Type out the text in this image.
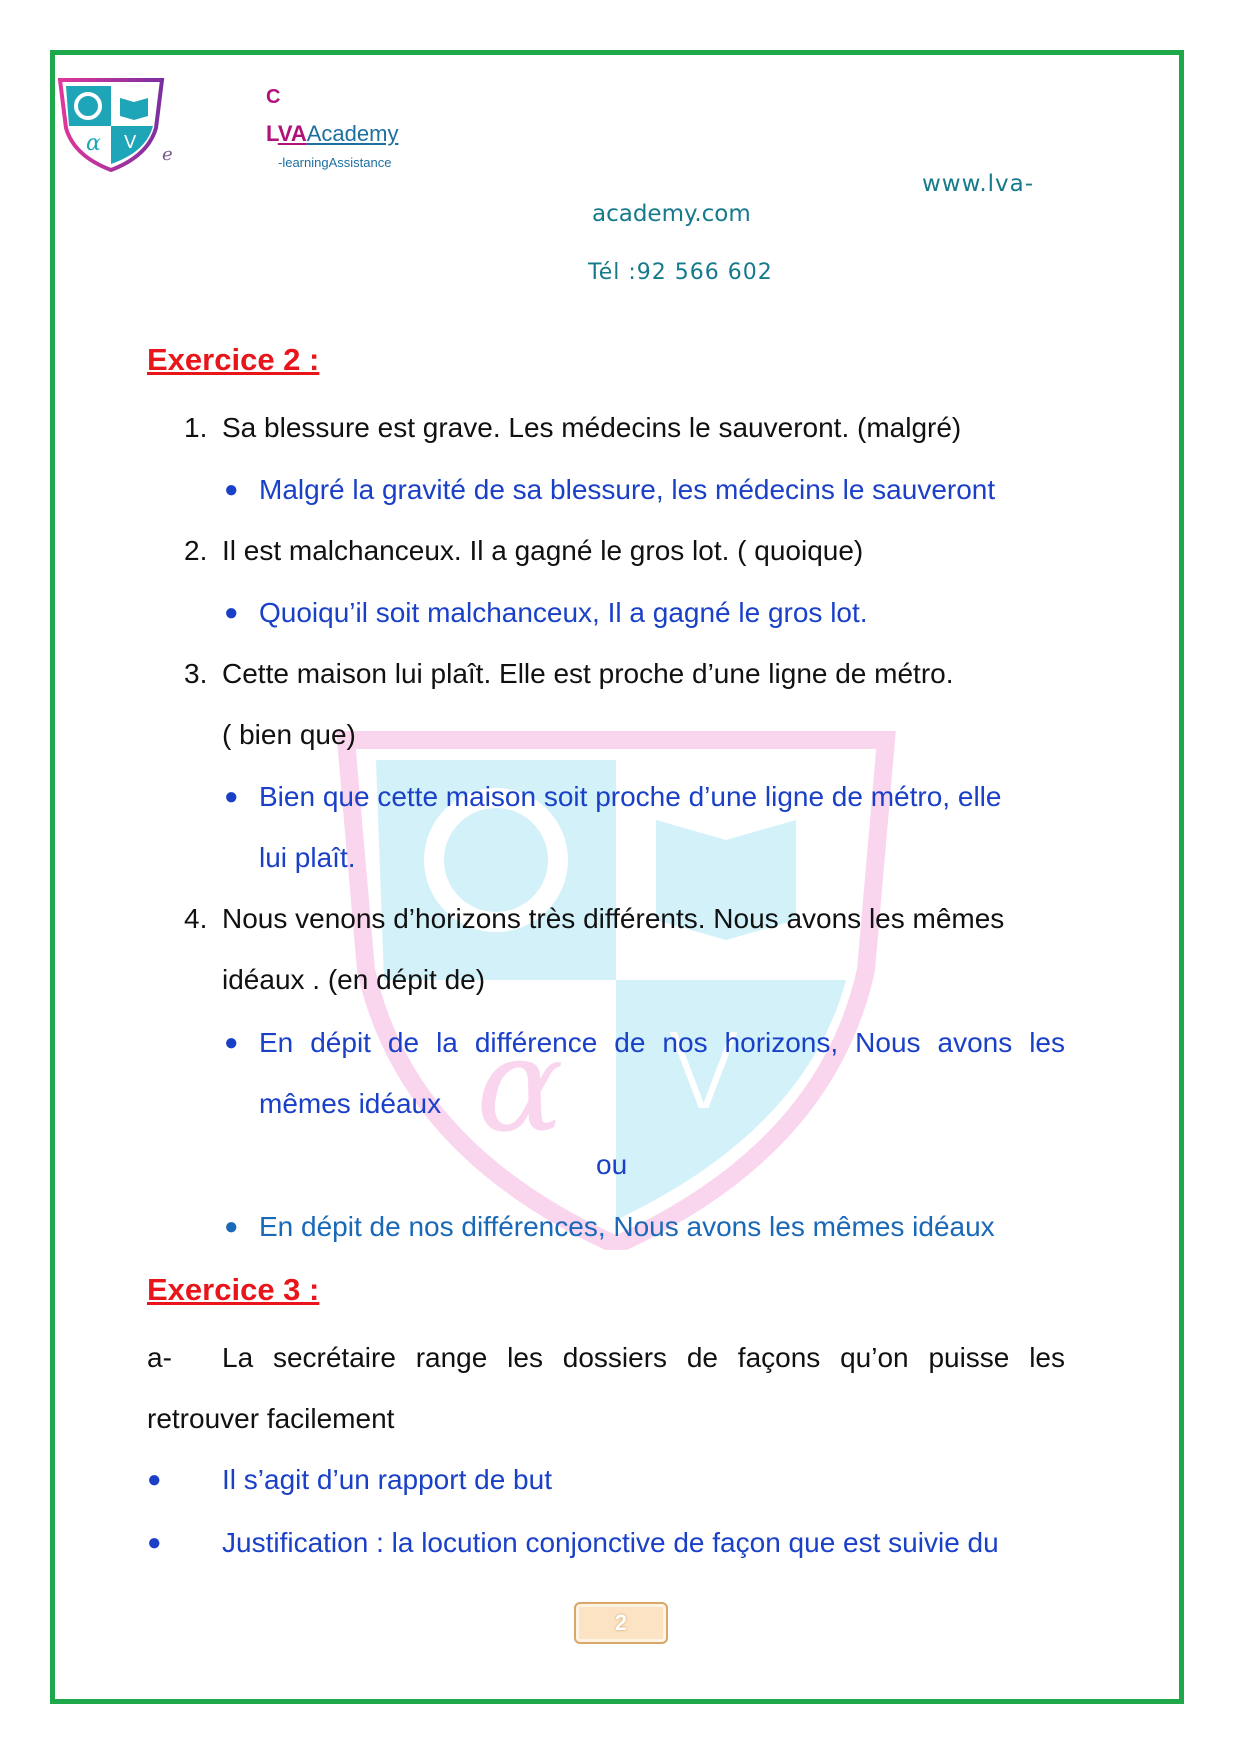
α V
e
C
LVAAcademy
-learningAssistance
www.lva-
academy.com
Tél :92 566 602
α V
Exercice 2 :
1. Sa blessure est grave. Les médecins le sauveront. (malgré)
● Malgré la gravité de sa blessure, les médecins le sauveront
2. Il est malchanceux. Il a gagné le gros lot. ( quoique)
● Quoiqu’il soit malchanceux, Il a gagné le gros lot.
3. Cette maison lui plaît. Elle est proche d’une ligne de métro.
( bien que)
● Bien que cette maison soit proche d’une ligne de métro, elle
lui plaît.
4. Nous venons d’horizons très différents. Nous avons les mêmes
idéaux . (en dépit de)
● En dépit de la différence de nos horizons, Nous avons les
mêmes idéaux
ou
● En dépit de nos différences, Nous avons les mêmes idéaux
Exercice 3 :
a- La secrétaire range les dossiers de façons qu’on puisse les
retrouver facilement
● Il s’agit d’un rapport de but
● Justification : la locution conjonctive de façon que est suivie du
2
